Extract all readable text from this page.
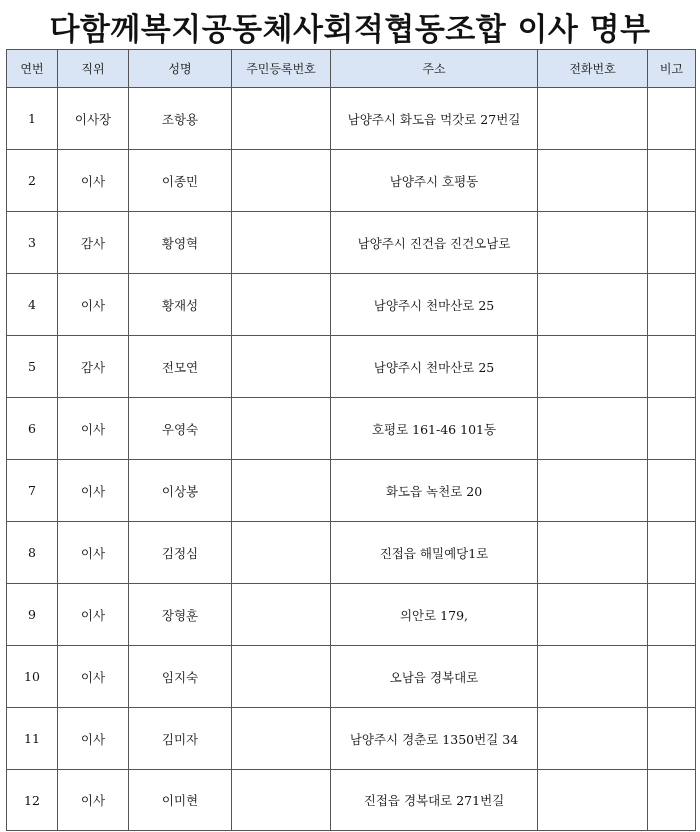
다함께복지공동체사회적협동조합 이사 명부
연번	직위	성명	주민등록번호	주소	전화번호	비고
1	이사장	조항용		남양주시 화도읍 먹갓로 27번길		
2	이사	이종민		남양주시 호평동		
3	감사	황영혁		남양주시 진건읍 진건오남로		
4	이사	황재성		남양주시 천마산로 25		
5	감사	전모연		남양주시 천마산로 25		
6	이사	우영숙		호평로 161-46 101동		
7	이사	이상봉		화도읍 녹천로 20		
8	이사	김정심		진접읍 해밀예당1로		
9	이사	장형훈		의안로 179,		
10	이사	임지숙		오남읍 경복대로		
11	이사	김미자		남양주시 경춘로 1350번길 34		
12	이사	이미현		진접읍 경복대로 271번길		
